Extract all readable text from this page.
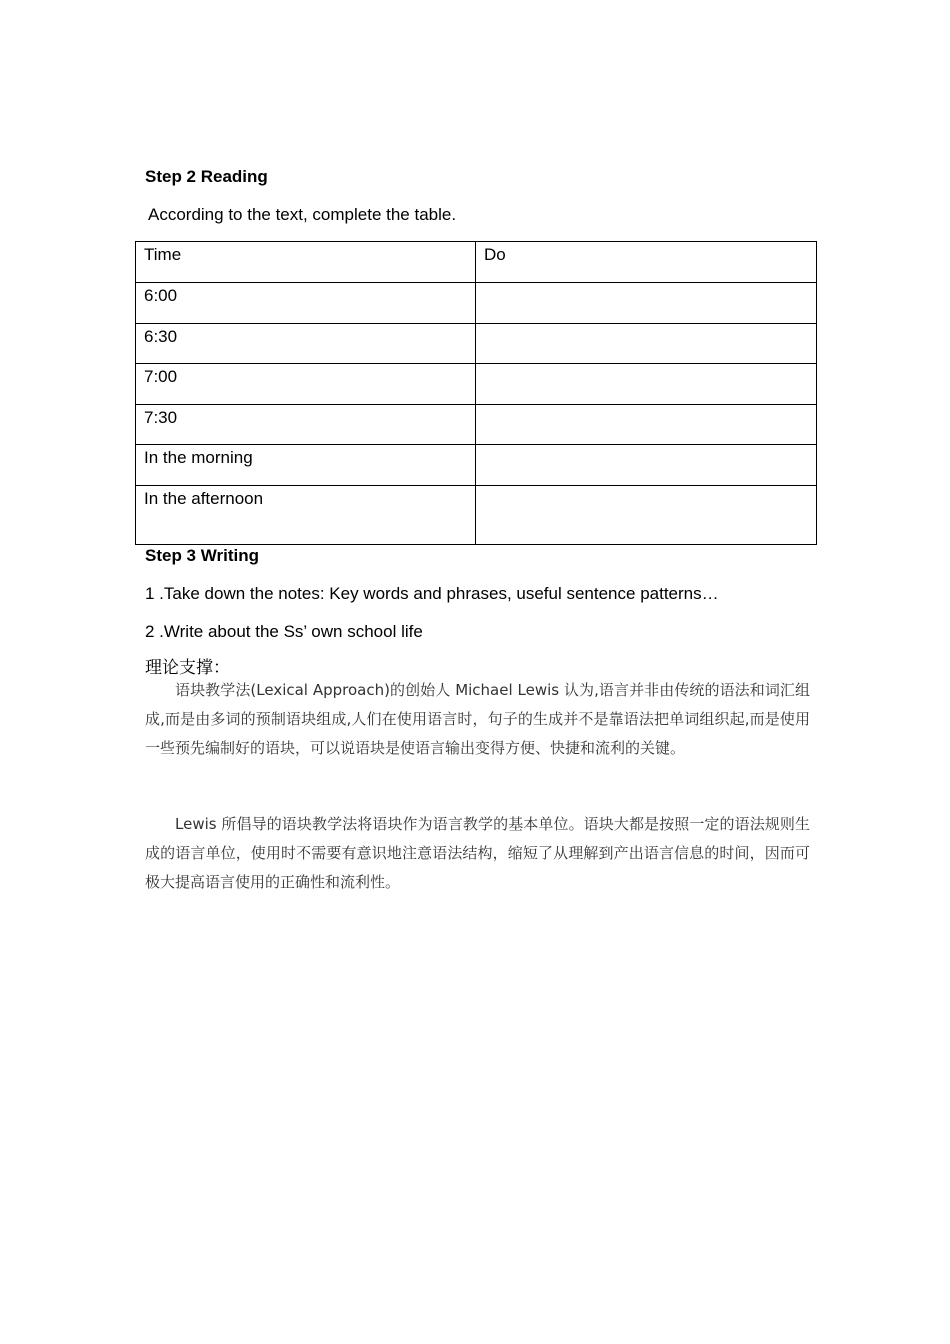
Step 2 Reading

According to the text, complete the table.

Time	Do
6:00	
6:30	
7:00	
7:30	
In the morning	
In the afternoon	

Step 3 Writing

1 .Take down the notes: Key words and phrases, useful sentence patterns…

2 .Write about the Ss’ own school life

理论支撑：

语块教学法(Lexical Approach)的创始人 Michael Lewis 认为,语言并非由传统的语法和词汇组成,而是由多词的预制语块组成,人们在使用语言时，句子的生成并不是靠语法把单词组织起,而是使用一些预先编制好的语块，可以说语块是使语言输出变得方便、快捷和流利的关键。

Lewis 所倡导的语块教学法将语块作为语言教学的基本单位。语块大都是按照一定的语法规则生成的语言单位，使用时不需要有意识地注意语法结构，缩短了从理解到产出语言信息的时间，因而可极大提高语言使用的正确性和流利性。
